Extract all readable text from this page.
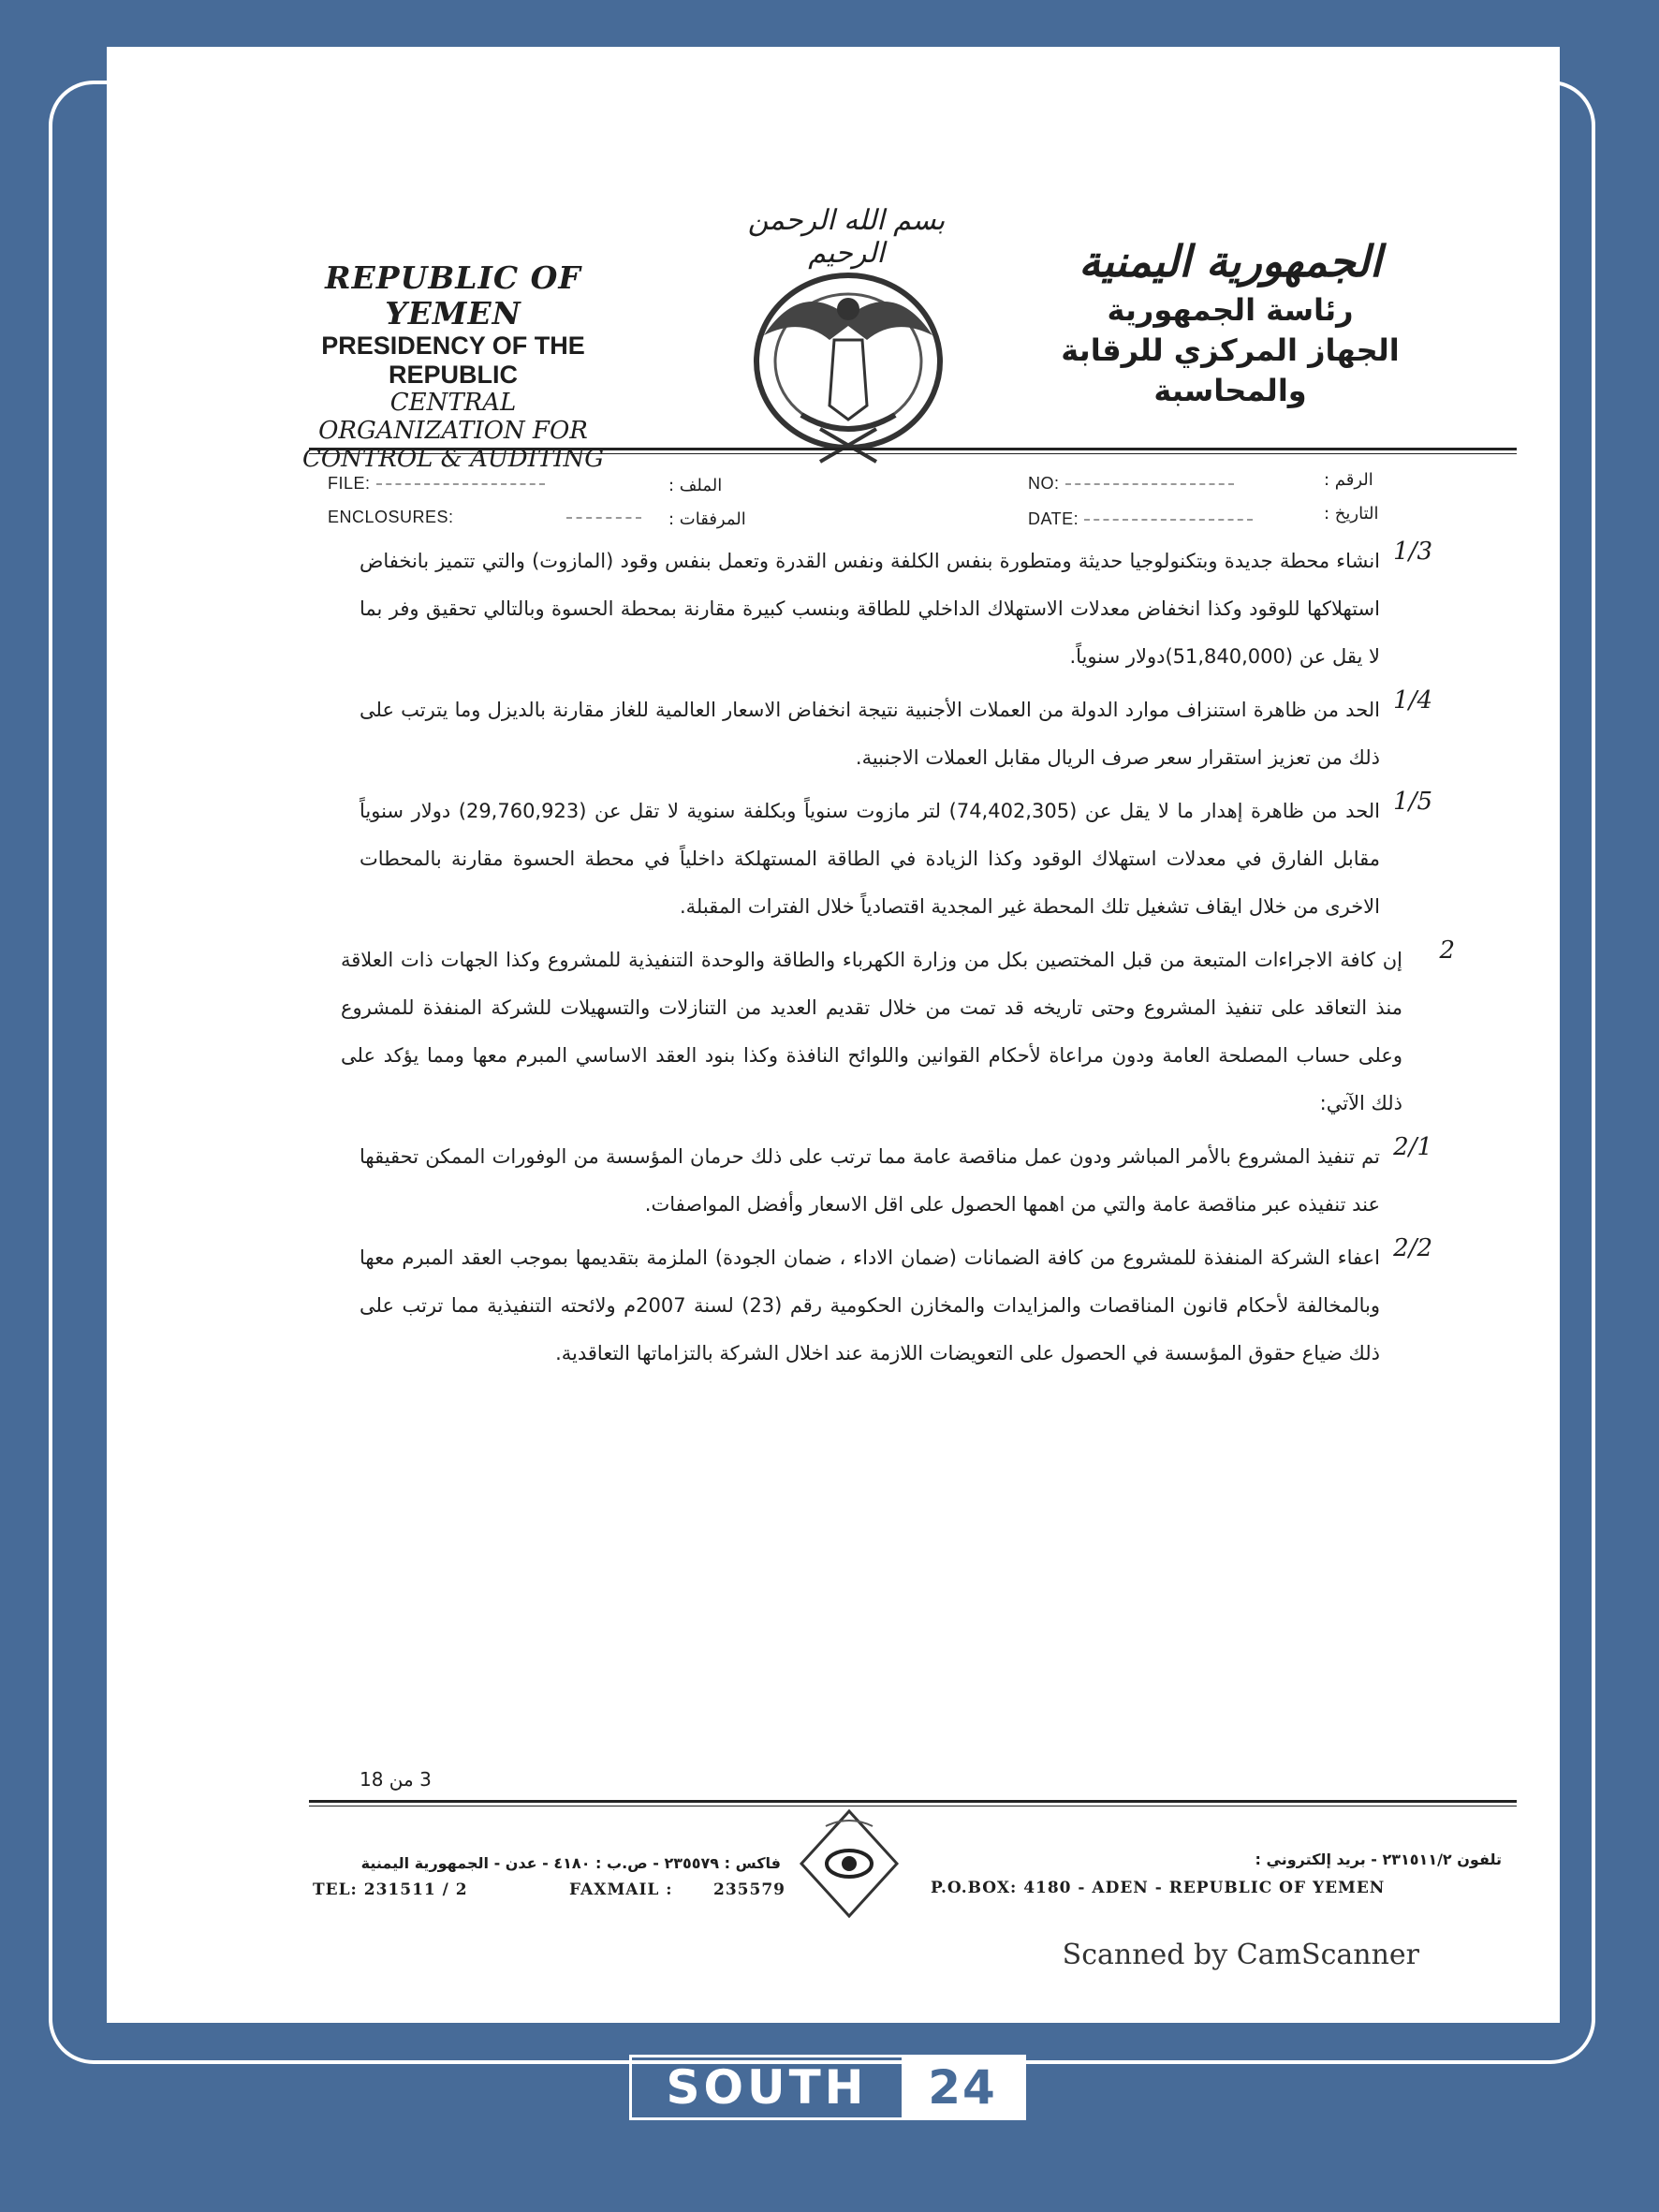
REPUBLIC OF YEMEN
PRESIDENCY OF THE REPUBLIC
CENTRAL ORGANIZATION FOR
CONTROL & AUDITING
بسم الله الرحمن الرحيم	الجمهورية اليمنية
رئاسة الجمهورية
الجهاز المركزي للرقابة والمحاسبة
FILE:	الملف :	NO:	الرقم :
ENCLOSURES:	المرفقات :	DATE:	التاريخ :
1/3
انشاء محطة جديدة وبتكنولوجيا حديثة ومتطورة بنفس الكلفة ونفس القدرة وتعمل بنفس وقود (المازوت) والتي تتميز بانخفاض استهلاكها للوقود وكذا انخفاض معدلات الاستهلاك الداخلي للطاقة وبنسب كبيرة مقارنة بمحطة الحسوة وبالتالي تحقيق وفر بما لا يقل عن (51,840,000)دولار سنوياً.
1/4
الحد من ظاهرة استنزاف موارد الدولة من العملات الأجنبية نتيجة انخفاض الاسعار العالمية للغاز مقارنة بالديزل وما يترتب على ذلك من تعزيز استقرار سعر صرف الريال مقابل العملات الاجنبية.
1/5
الحد من ظاهرة إهدار ما لا يقل عن (74,402,305) لتر مازوت سنوياً وبكلفة سنوية لا تقل عن (29,760,923) دولار سنوياً مقابل الفارق في معدلات استهلاك الوقود وكذا الزيادة في الطاقة المستهلكة داخلياً في محطة الحسوة مقارنة بالمحطات الاخرى من خلال ايقاف تشغيل تلك المحطة غير المجدية اقتصادياً خلال الفترات المقبلة.
2
إن كافة الاجراءات المتبعة من قبل المختصين بكل من وزارة الكهرباء والطاقة والوحدة التنفيذية للمشروع وكذا الجهات ذات العلاقة منذ التعاقد على تنفيذ المشروع وحتى تاريخه قد تمت من خلال تقديم العديد من التنازلات والتسهيلات للشركة المنفذة للمشروع وعلى حساب المصلحة العامة ودون مراعاة لأحكام القوانين واللوائح النافذة وكذا بنود العقد الاساسي المبرم معها ومما يؤكد على ذلك الآتي:
2/1
تم تنفيذ المشروع بالأمر المباشر ودون عمل مناقصة عامة مما ترتب على ذلك حرمان المؤسسة من الوفورات الممكن تحقيقها عند تنفيذه عبر مناقصة عامة والتي من اهمها الحصول على اقل الاسعار وأفضل المواصفات.
2/2
اعفاء الشركة المنفذة للمشروع من كافة الضمانات (ضمان الاداء ، ضمان الجودة) الملزمة بتقديمها بموجب العقد المبرم معها وبالمخالفة لأحكام قانون المناقصات والمزايدات والمخازن الحكومية رقم (23) لسنة 2007م ولائحته التنفيذية مما ترتب على ذلك ضياع حقوق المؤسسة في الحصول على التعويضات اللازمة عند اخلال الشركة بالتزاماتها التعاقدية.
3 من 18
فاكس : ٢٣٥٥٧٩ - ص.ب : ٤١٨٠ - عدن - الجمهورية اليمنية	تلفون ٢٣١٥١١/٢ - بريد إلكتروني :
TEL: 231511 / 2	FAXMAIL :	235579	P.O.BOX: 4180 - ADEN - REPUBLIC OF YEMEN
Scanned by CamScanner
SOUTH	24
